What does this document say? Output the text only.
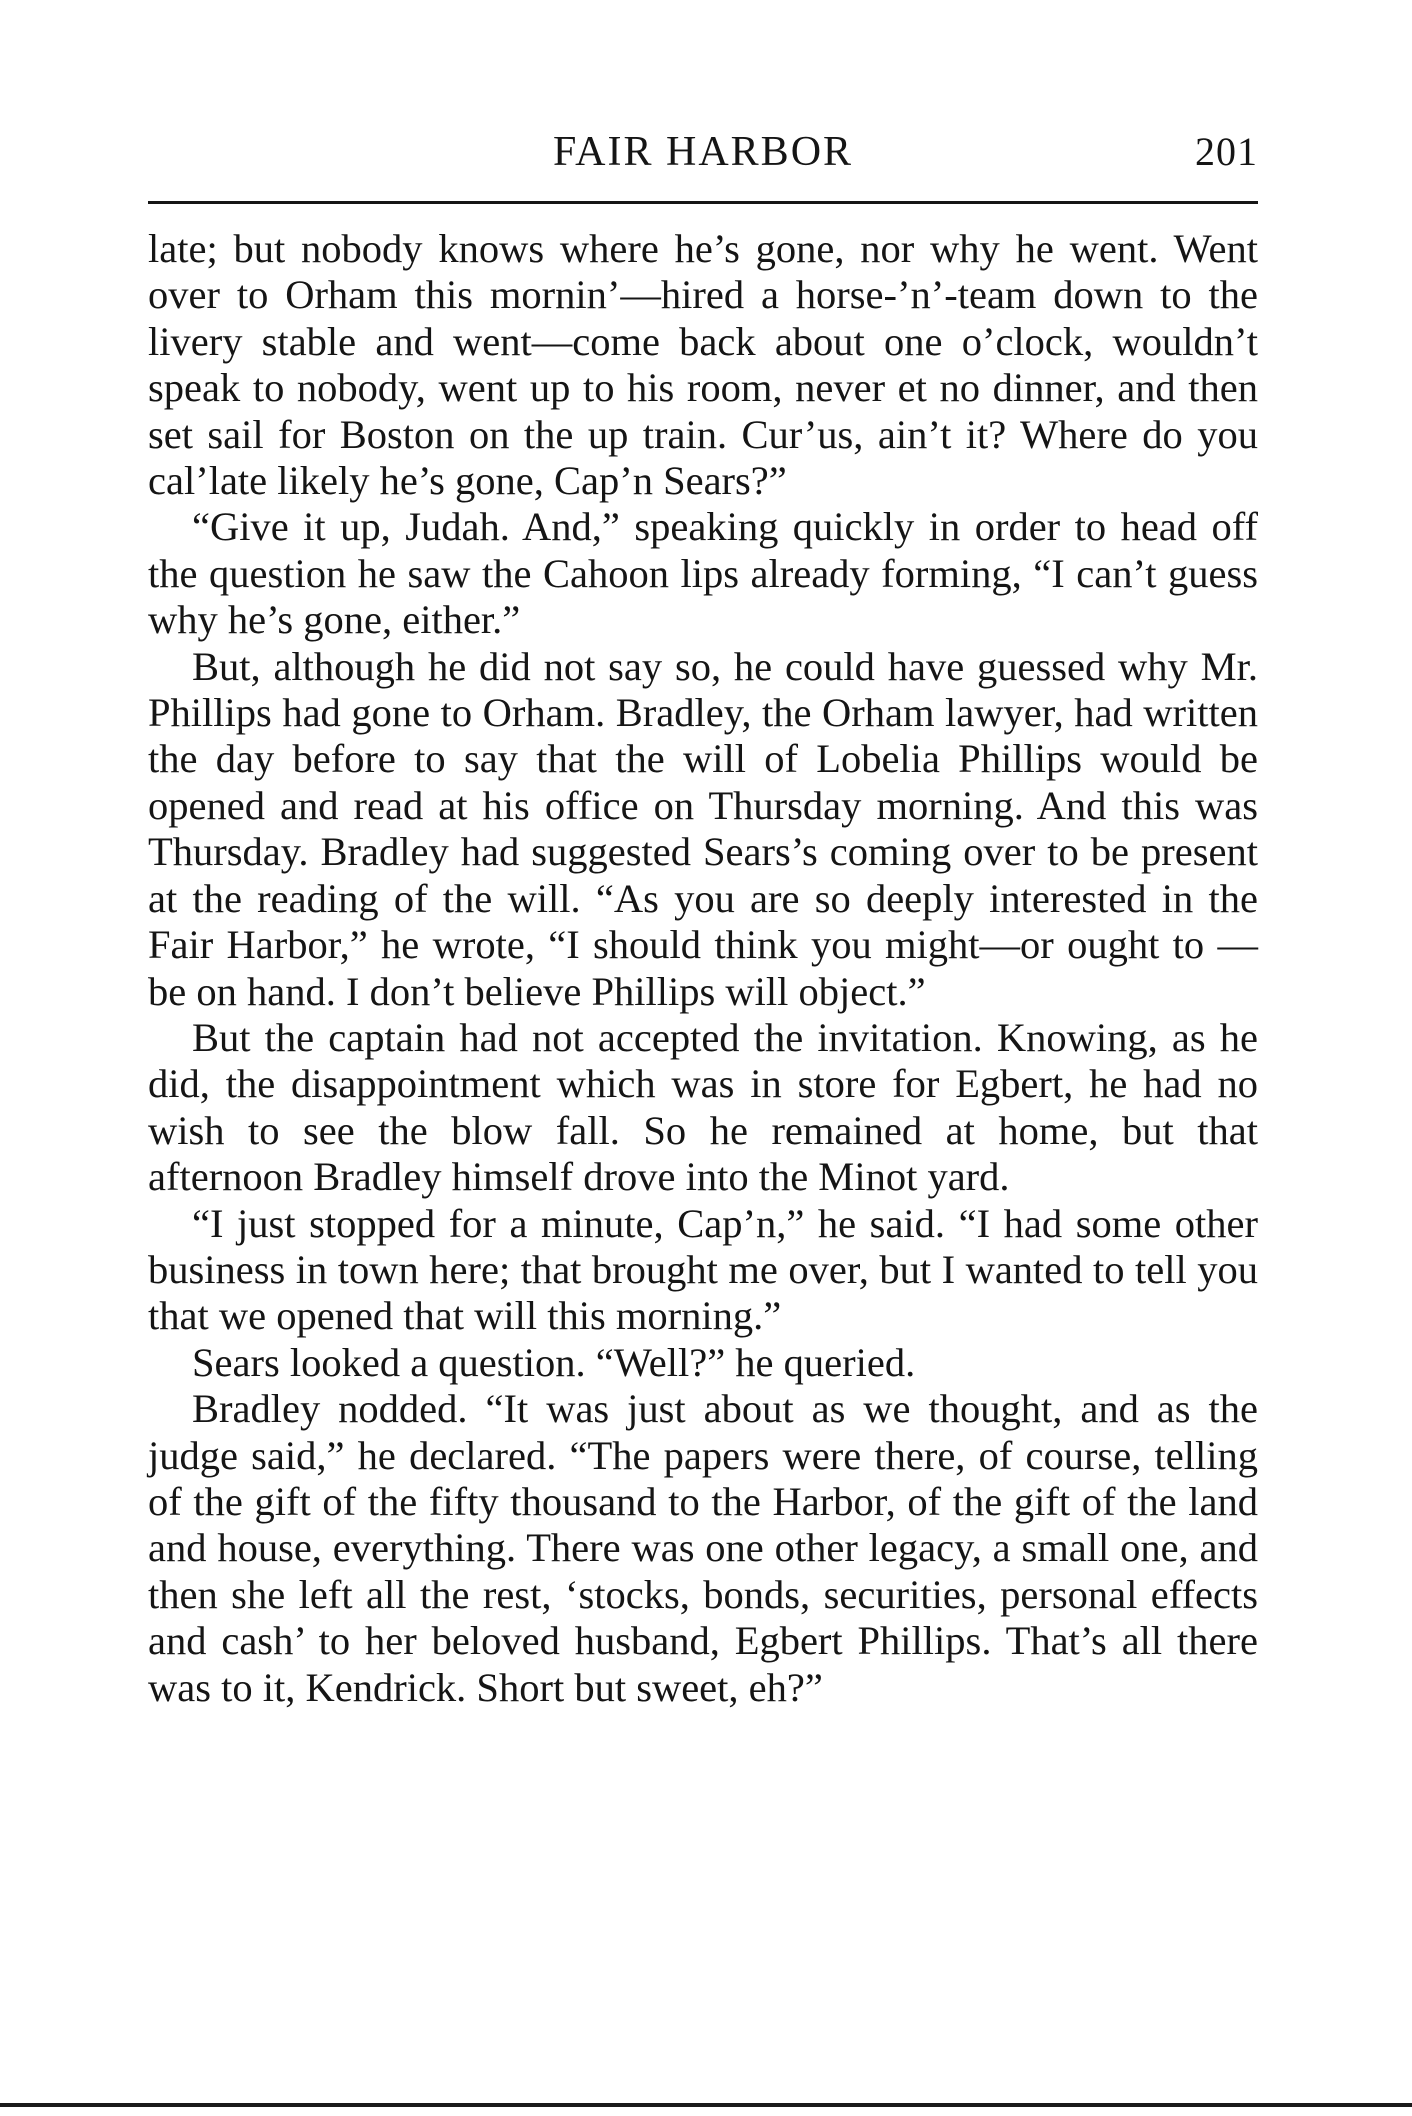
FAIR HARBOR	201

late; but nobody knows where he’s gone, nor why he went. Went over to Orham this mornin’—hired a horse-’n’-team down to the livery stable and went—come back about one o’clock, wouldn’t speak to nobody, went up to his room, never et no dinner, and then set sail for Boston on the up train. Cur’us, ain’t it? Where do you cal’late likely he’s gone, Cap’n Sears?”

“Give it up, Judah. And,” speaking quickly in order to head off the question he saw the Cahoon lips already forming, “I can’t guess why he’s gone, either.”

But, although he did not say so, he could have guessed why Mr. Phillips had gone to Orham. Bradley, the Orham lawyer, had written the day before to say that the will of Lobelia Phillips would be opened and read at his office on Thursday morning. And this was Thursday. Bradley had suggested Sears’s coming over to be present at the reading of the will. “As you are so deeply interested in the Fair Harbor,” he wrote, “I should think you might—or ought to —be on hand. I don’t believe Phillips will object.”

But the captain had not accepted the invitation. Knowing, as he did, the disappointment which was in store for Egbert, he had no wish to see the blow fall. So he remained at home, but that afternoon Bradley himself drove into the Minot yard.

“I just stopped for a minute, Cap’n,” he said. “I had some other business in town here; that brought me over, but I wanted to tell you that we opened that will this morning.”

Sears looked a question. “Well?” he queried.

Bradley nodded. “It was just about as we thought, and as the judge said,” he declared. “The papers were there, of course, telling of the gift of the fifty thousand to the Harbor, of the gift of the land and house, everything. There was one other legacy, a small one, and then she left all the rest, ‘stocks, bonds, securities, personal effects and cash’ to her beloved husband, Egbert Phillips. That’s all there was to it, Kendrick. Short but sweet, eh?”
